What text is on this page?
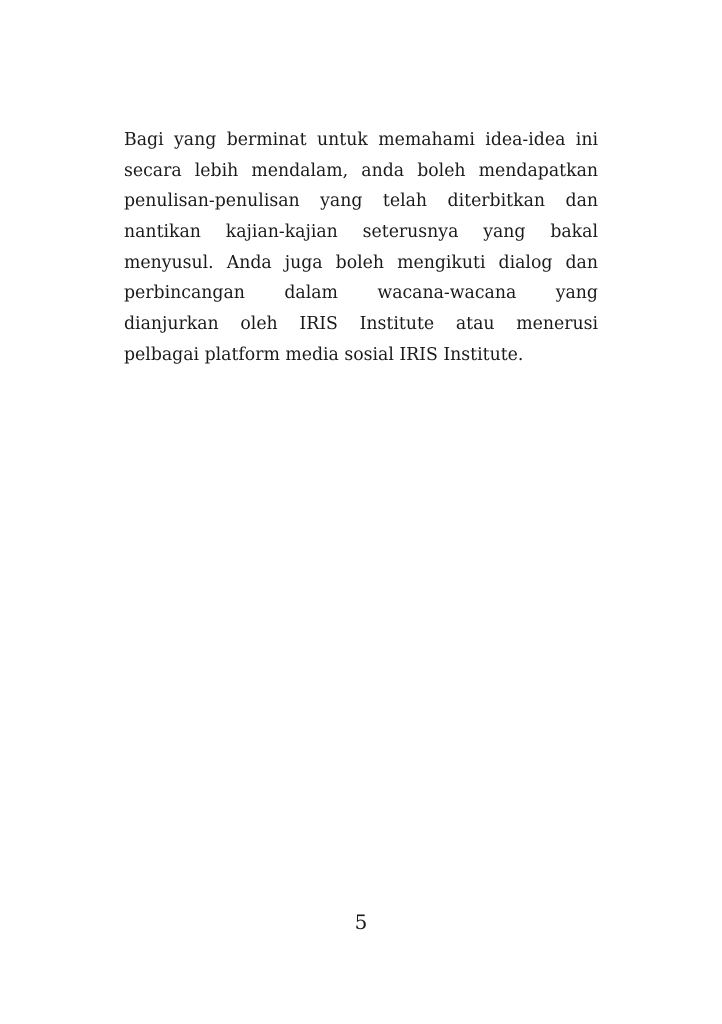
Bagi yang berminat untuk memahami idea-idea ini
secara lebih mendalam, anda boleh mendapatkan
penulisan-penulisan yang telah diterbitkan dan
nantikan kajian-kajian seterusnya yang bakal
menyusul. Anda juga boleh mengikuti dialog dan
perbincangan dalam wacana-wacana yang
dianjurkan oleh IRIS Institute atau menerusi
pelbagai platform media sosial IRIS Institute.

5
